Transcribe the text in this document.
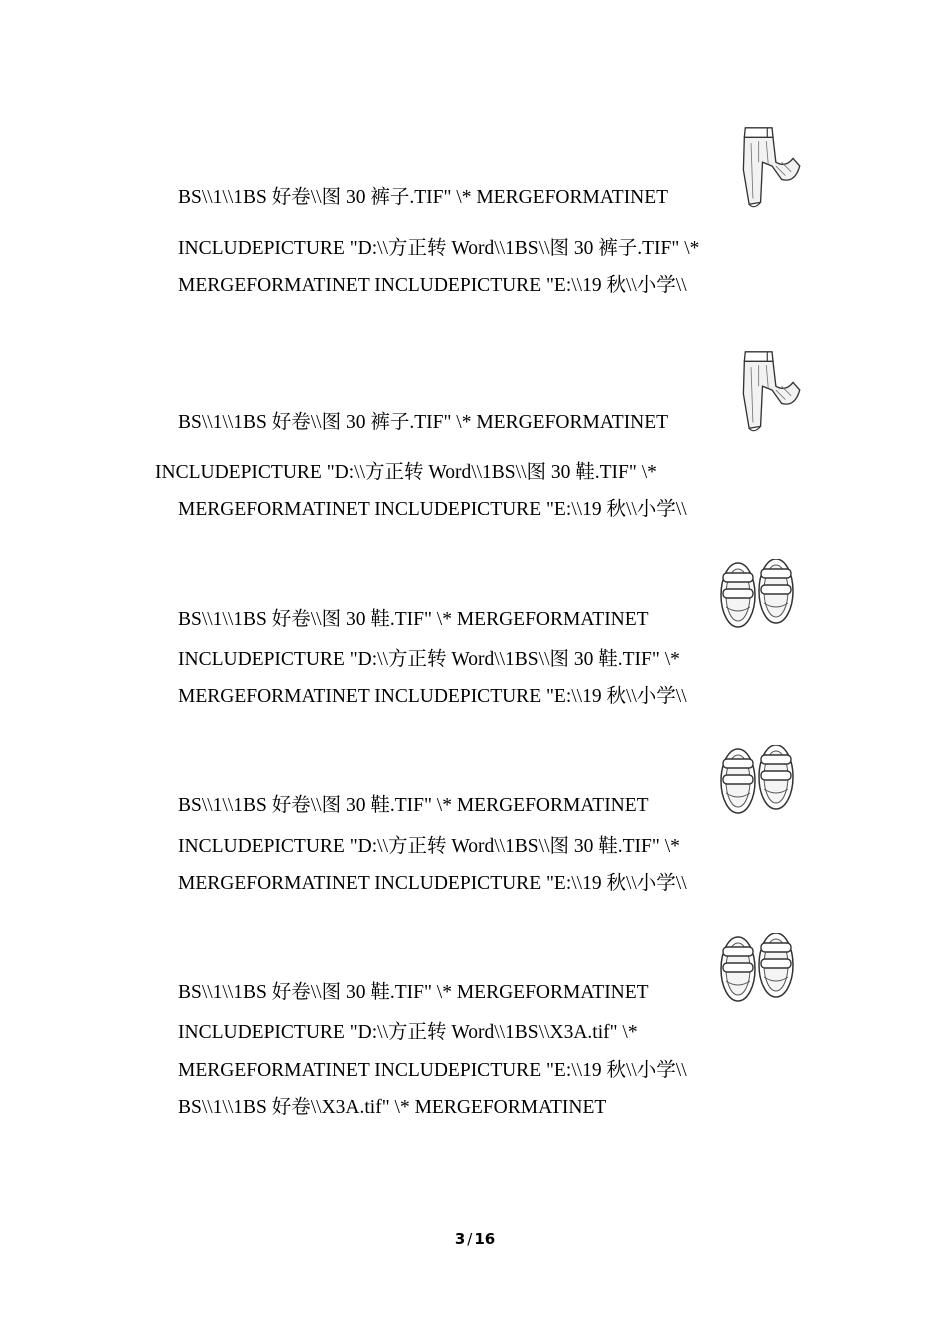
BS\\1\\1BS 好卷\\图 30 裤子.TIF" \* MERGEFORMATINET
INCLUDEPICTURE "D:\\方正转 Word\\1BS\\图 30 裤子.TIF" \*
MERGEFORMATINET INCLUDEPICTURE "E:\\19 秋\\小学\\
BS\\1\\1BS 好卷\\图 30 裤子.TIF" \* MERGEFORMATINET
INCLUDEPICTURE "D:\\方正转 Word\\1BS\\图 30 鞋.TIF" \*
MERGEFORMATINET INCLUDEPICTURE "E:\\19 秋\\小学\\
BS\\1\\1BS 好卷\\图 30 鞋.TIF" \* MERGEFORMATINET
INCLUDEPICTURE "D:\\方正转 Word\\1BS\\图 30 鞋.TIF" \*
MERGEFORMATINET INCLUDEPICTURE "E:\\19 秋\\小学\\
BS\\1\\1BS 好卷\\图 30 鞋.TIF" \* MERGEFORMATINET
INCLUDEPICTURE "D:\\方正转 Word\\1BS\\图 30 鞋.TIF" \*
MERGEFORMATINET INCLUDEPICTURE "E:\\19 秋\\小学\\
BS\\1\\1BS 好卷\\图 30 鞋.TIF" \* MERGEFORMATINET
INCLUDEPICTURE "D:\\方正转 Word\\1BS\\X3A.tif" \*
MERGEFORMATINET INCLUDEPICTURE "E:\\19 秋\\小学\\
BS\\1\\1BS 好卷\\X3A.tif" \* MERGEFORMATINET
3 / 16
